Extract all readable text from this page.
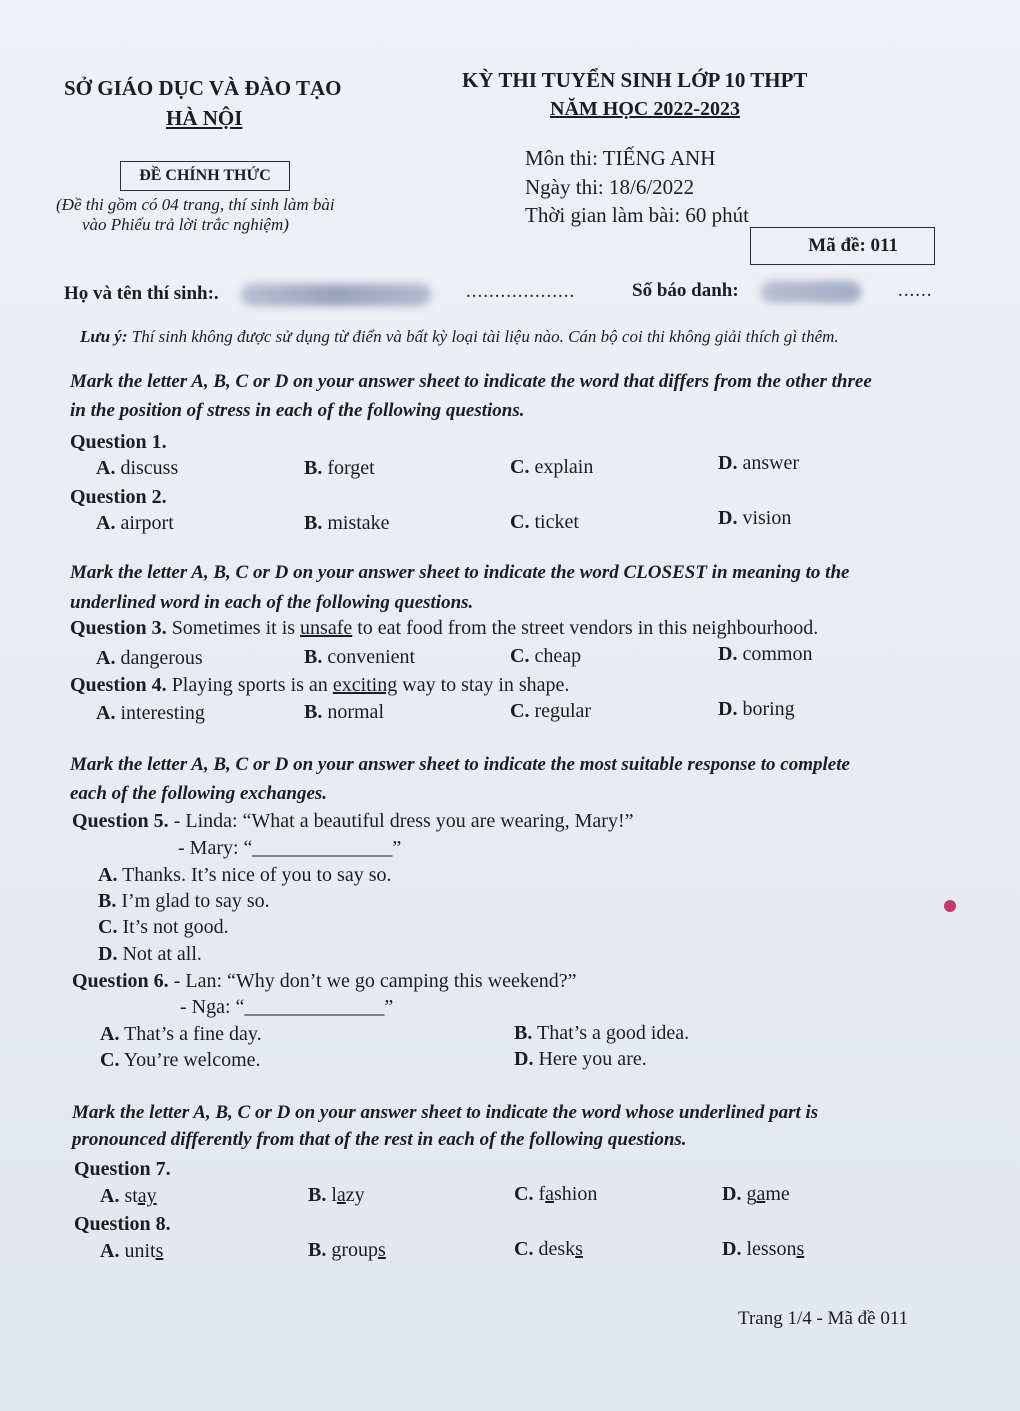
SỞ GIÁO DỤC VÀ ĐÀO TẠO
HÀ NỘI
KỲ THI TUYỂN SINH LỚP 10 THPT
NĂM HỌC 2022-2023
ĐỀ CHÍNH THỨC
(Đề thi gồm có 04 trang, thí sinh làm bài
vào Phiếu trả lời trắc nghiệm)
Môn thi: TIẾNG ANH
Ngày thi: 18/6/2022
Thời gian làm bài: 60 phút
Mã đề: 011
Họ và tên thí sinh:.	...................	Số báo danh:	......
Lưu ý: Thí sinh không được sử dụng từ điển và bất kỳ loại tài liệu nào. Cán bộ coi thi không giải thích gì thêm.
Mark the letter A, B, C or D on your answer sheet to indicate the word that differs from the other three
in the position of stress in each of the following questions.
Question 1.
A. discuss	B. forget	C. explain	D. answer
Question 2.
A. airport	B. mistake	C. ticket	D. vision
Mark the letter A, B, C or D on your answer sheet to indicate the word CLOSEST in meaning to the
underlined word in each of the following questions.
Question 3. Sometimes it is unsafe to eat food from the street vendors in this neighbourhood.
A. dangerous	B. convenient	C. cheap	D. common
Question 4. Playing sports is an exciting way to stay in shape.
A. interesting	B. normal	C. regular	D. boring
Mark the letter A, B, C or D on your answer sheet to indicate the most suitable response to complete
each of the following exchanges.
Question 5. - Linda: “What a beautiful dress you are wearing, Mary!”
- Mary: “______________”
A. Thanks. It’s nice of you to say so.
B. I’m glad to say so.
C. It’s not good.
D. Not at all.
Question 6. - Lan: “Why don’t we go camping this weekend?”
- Nga: “______________”
A. That’s a fine day.	B. That’s a good idea.
C. You’re welcome.	D. Here you are.
Mark the letter A, B, C or D on your answer sheet to indicate the word whose underlined part is
pronounced differently from that of the rest in each of the following questions.
Question 7.
A. stay	B. lazy	C. fashion	D. game
Question 8.
A. units	B. groups	C. desks	D. lessons
Trang 1/4 - Mã đề 011
